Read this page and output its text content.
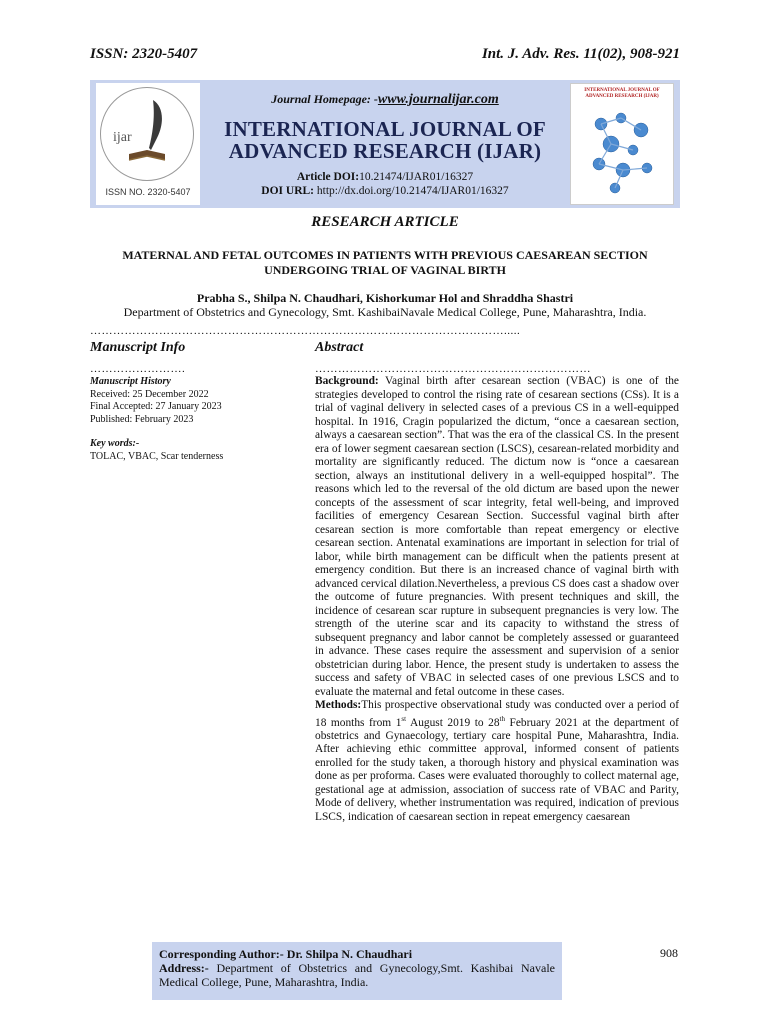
ISSN: 2320-5407	Int. J. Adv. Res. 11(02), 908-921
ijar
ISSN NO. 2320-5407
Journal Homepage: -www.journalijar.com
INTERNATIONAL JOURNAL OF
ADVANCED RESEARCH (IJAR)
Article DOI:10.21474/IJAR01/16327
DOI URL: http://dx.doi.org/10.21474/IJAR01/16327
INTERNATIONAL JOURNAL OF ADVANCED RESEARCH (IJAR)
RESEARCH ARTICLE
MATERNAL AND FETAL OUTCOMES IN PATIENTS WITH PREVIOUS CAESAREAN SECTION
UNDERGOING TRIAL OF VAGINAL BIRTH
Prabha S., Shilpa N. Chaudhari, Kishorkumar Hol and Shraddha Shastri
Department of Obstetrics and Gynecology, Smt. KashibaiNavale Medical College, Pune, Maharashtra, India.
……………………………………………………………………………………………….....
Manuscript Info	Abstract
…………………….	………………………………………………………………
Manuscript History
Received: 25 December 2022
Final Accepted: 27 January 2023
Published: February 2023
Key words:-
TOLAC, VBAC, Scar tenderness

Background: Vaginal birth after cesarean section (VBAC) is one of the strategies developed to control the rising rate of cesarean sections (CSs). It is a trial of vaginal delivery in selected cases of a previous CS in a well-equipped hospital. In 1916, Cragin popularized the dictum, “once a caesarean section, always a caesarean section”. That was the era of the classical CS. In the present era of lower segment caesarean section (LSCS), cesarean-related morbidity and mortality are significantly reduced. The dictum now is “once a caesarean section, always an institutional delivery in a well-equipped hospital”. The reasons which led to the reversal of the old dictum are based upon the newer concepts of the assessment of scar integrity, fetal well-being, and improved facilities of emergency Cesarean Section. Successful vaginal birth after cesarean section is more comfortable than repeat emergency or elective cesarean section. Antenatal examinations are important in selection for trial of labor, while birth management can be difficult when the patients present at emergency condition. But there is an increased chance of vaginal birth with advanced cervical dilation.Nevertheless, a previous CS does cast a shadow over the outcome of future pregnancies. With present techniques and skill, the incidence of cesarean scar rupture in subsequent pregnancies is very low. The strength of the uterine scar and its capacity to withstand the stress of subsequent pregnancy and labor cannot be completely assessed or guaranteed in advance. These cases require the assessment and supervision of a senior obstetrician during labor. Hence, the present study is undertaken to assess the success and safety of VBAC in selected cases of one previous LSCS and to evaluate the maternal and fetal outcome in these cases.

Methods:This prospective observational study was conducted over a period of 18 months from 1st August 2019 to 28th February 2021 at the department of obstetrics and Gynaecology, tertiary care hospital Pune, Maharashtra, India. After achieving ethic committee approval, informed consent of patients enrolled for the study taken, a thorough history and physical examination was done as per proforma. Cases were evaluated thoroughly to collect maternal age, gestational age at admission, association of success rate of VBAC and Parity, Mode of delivery, whether instrumentation was required, indication of previous LSCS, indication of caesarean section in repeat emergency caesarean

Corresponding Author:- Dr. Shilpa N. Chaudhari
Address:- Department of Obstetrics and Gynecology,Smt. Kashibai Navale Medical College, Pune, Maharashtra, India.
908
